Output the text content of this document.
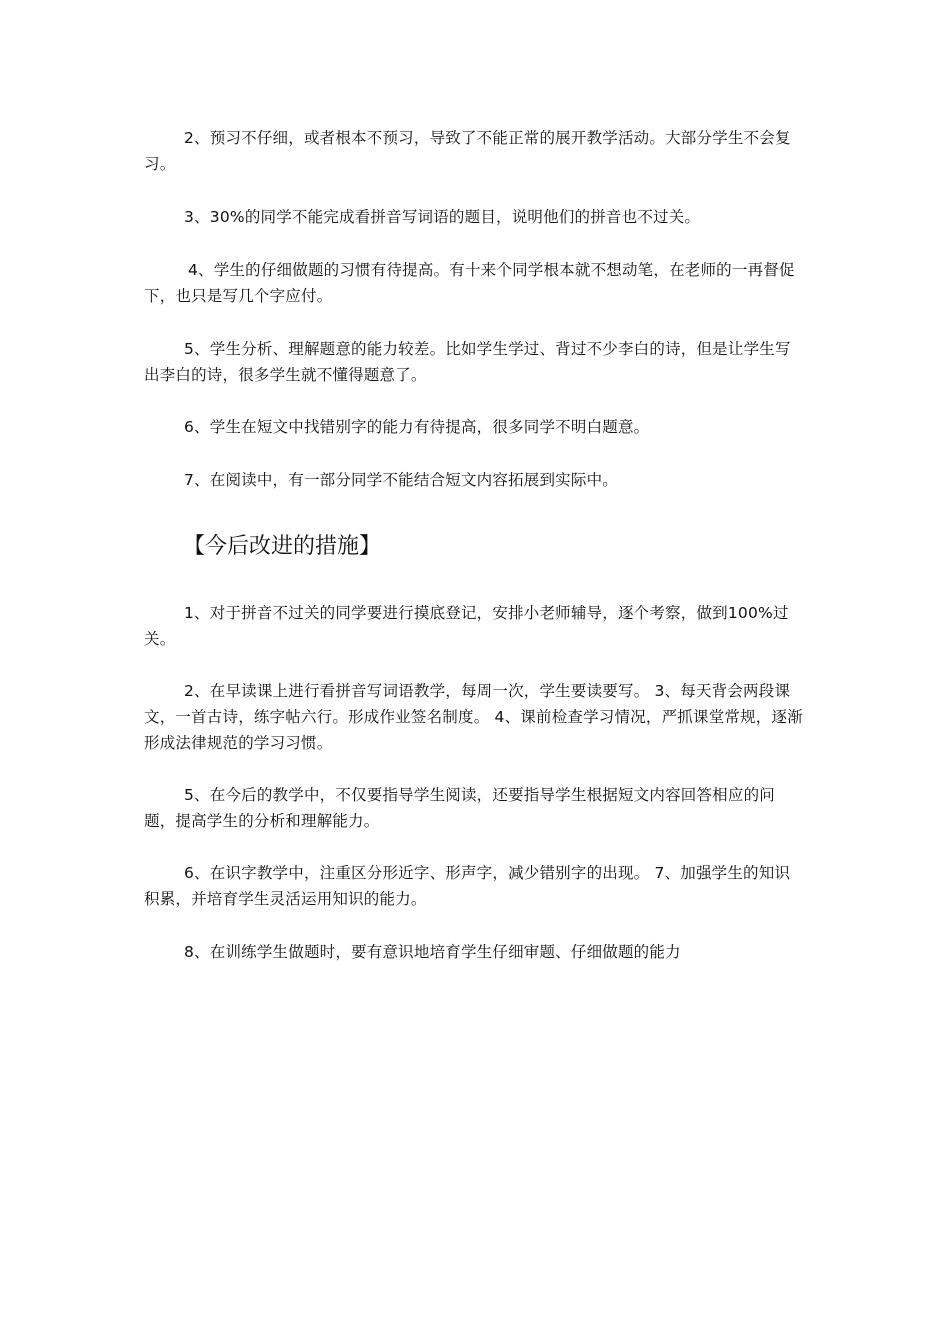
2、预习不仔细，或者根本不预习，导致了不能正常的展开教学活动。大部分学生不会复习。

3、30%的同学不能完成看拼音写词语的题目，说明他们的拼音也不过关。

4、学生的仔细做题的习惯有待提高。有十来个同学根本就不想动笔，在老师的一再督促下，也只是写几个字应付。

5、学生分析、理解题意的能力较差。比如学生学过、背过不少李白的诗，但是让学生写出李白的诗，很多学生就不懂得题意了。

6、学生在短文中找错别字的能力有待提高，很多同学不明白题意。

7、在阅读中，有一部分同学不能结合短文内容拓展到实际中。

【今后改进的措施】

1、对于拼音不过关的同学要进行摸底登记，安排小老师辅导，逐个考察，做到100%过关。

2、在早读课上进行看拼音写词语教学，每周一次，学生要读要写。 3、每天背会两段课文，一首古诗，练字帖六行。形成作业签名制度。 4、课前检查学习情况，严抓课堂常规，逐渐形成法律规范的学习习惯。

5、在今后的教学中，不仅要指导学生阅读，还要指导学生根据短文内容回答相应的问题，提高学生的分析和理解能力。

6、在识字教学中，注重区分形近字、形声字，减少错别字的出现。 7、加强学生的知识积累，并培育学生灵活运用知识的能力。

8、在训练学生做题时，要有意识地培育学生仔细审题、仔细做题的能力
